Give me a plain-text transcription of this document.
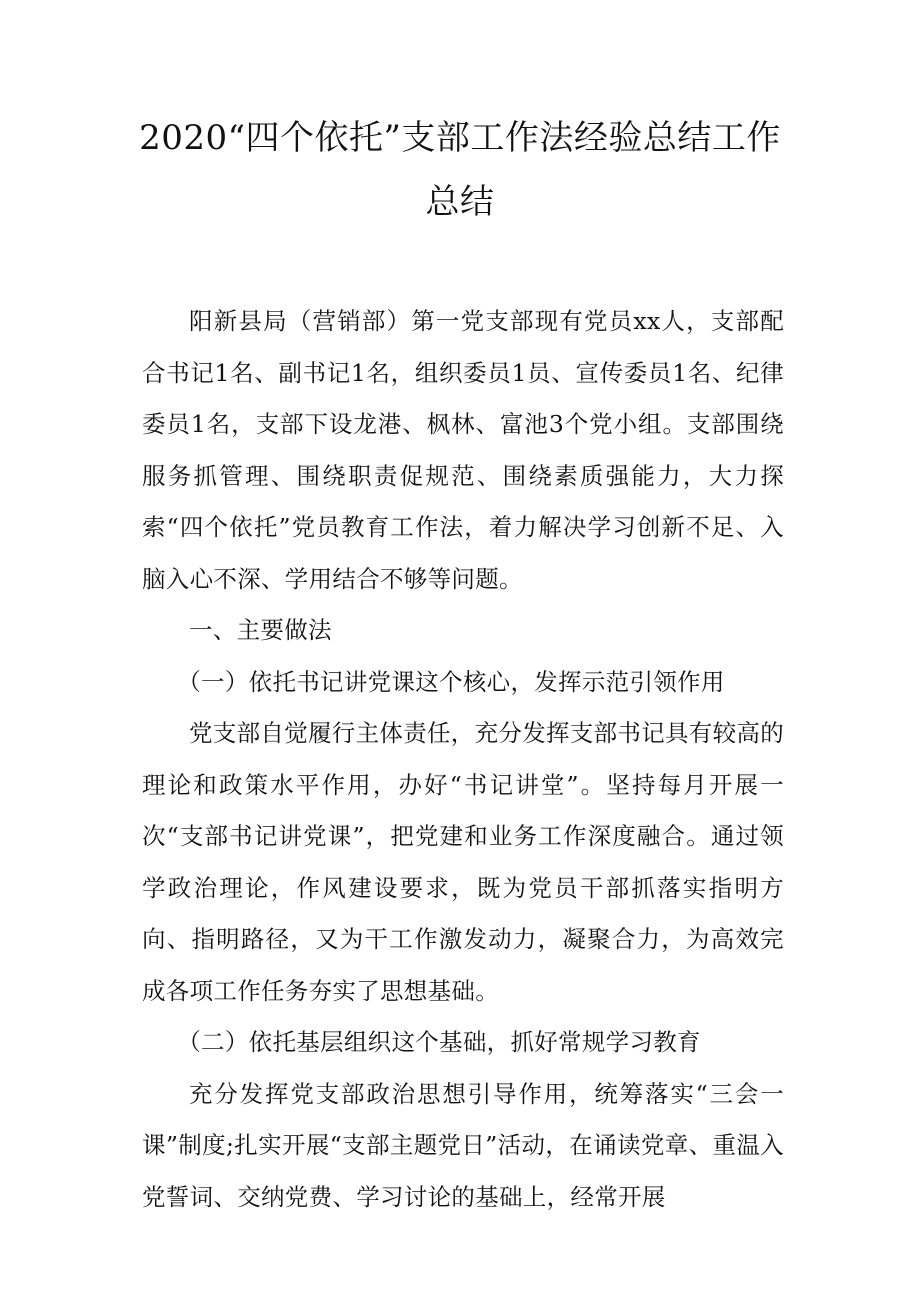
2020“四个依托”支部工作法经验总结工作总结

阳新县局（营销部）第一党支部现有党员xx人，支部配合书记1名、副书记1名，组织委员1员、宣传委员1名、纪律委员1名，支部下设龙港、枫林、富池3个党小组。支部围绕服务抓管理、围绕职责促规范、围绕素质强能力，大力探索“四个依托”党员教育工作法，着力解决学习创新不足、入脑入心不深、学用结合不够等问题。

一、主要做法

（一）依托书记讲党课这个核心，发挥示范引领作用

党支部自觉履行主体责任，充分发挥支部书记具有较高的理论和政策水平作用，办好“书记讲堂”。坚持每月开展一次“支部书记讲党课”，把党建和业务工作深度融合。通过领学政治理论，作风建设要求，既为党员干部抓落实指明方向、指明路径，又为干工作激发动力，凝聚合力，为高效完成各项工作任务夯实了思想基础。

（二）依托基层组织这个基础，抓好常规学习教育

充分发挥党支部政治思想引导作用，统筹落实“三会一课”制度;扎实开展“支部主题党日”活动，在诵读党章、重温入党誓词、交纳党费、学习讨论的基础上，经常开展
